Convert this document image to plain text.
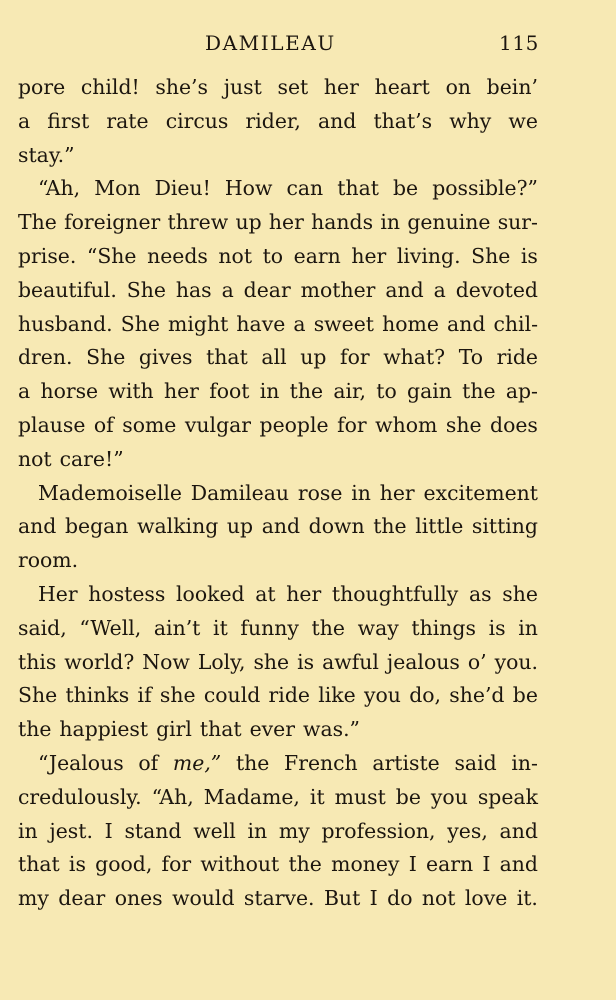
DAMILEAU	115
pore child! she’s just set her heart on bein’
a first rate circus rider, and that’s why we
stay.”
“Ah, Mon Dieu! How can that be possible?”
The foreigner threw up her hands in genuine sur-
prise. “She needs not to earn her living. She is
beautiful. She has a dear mother and a devoted
husband. She might have a sweet home and chil-
dren. She gives that all up for what? To ride
a horse with her foot in the air, to gain the ap-
plause of some vulgar people for whom she does
not care!”
Mademoiselle Damileau rose in her excitement
and began walking up and down the little sitting
room.
Her hostess looked at her thoughtfully as she
said, “Well, ain’t it funny the way things is in
this world? Now Loly, she is awful jealous o’ you.
She thinks if she could ride like you do, she’d be
the happiest girl that ever was.”
“Jealous of me,” the French artiste said in-
credulously. “Ah, Madame, it must be you speak
in jest. I stand well in my profession, yes, and
that is good, for without the money I earn I and
my dear ones would starve. But I do not love it.
